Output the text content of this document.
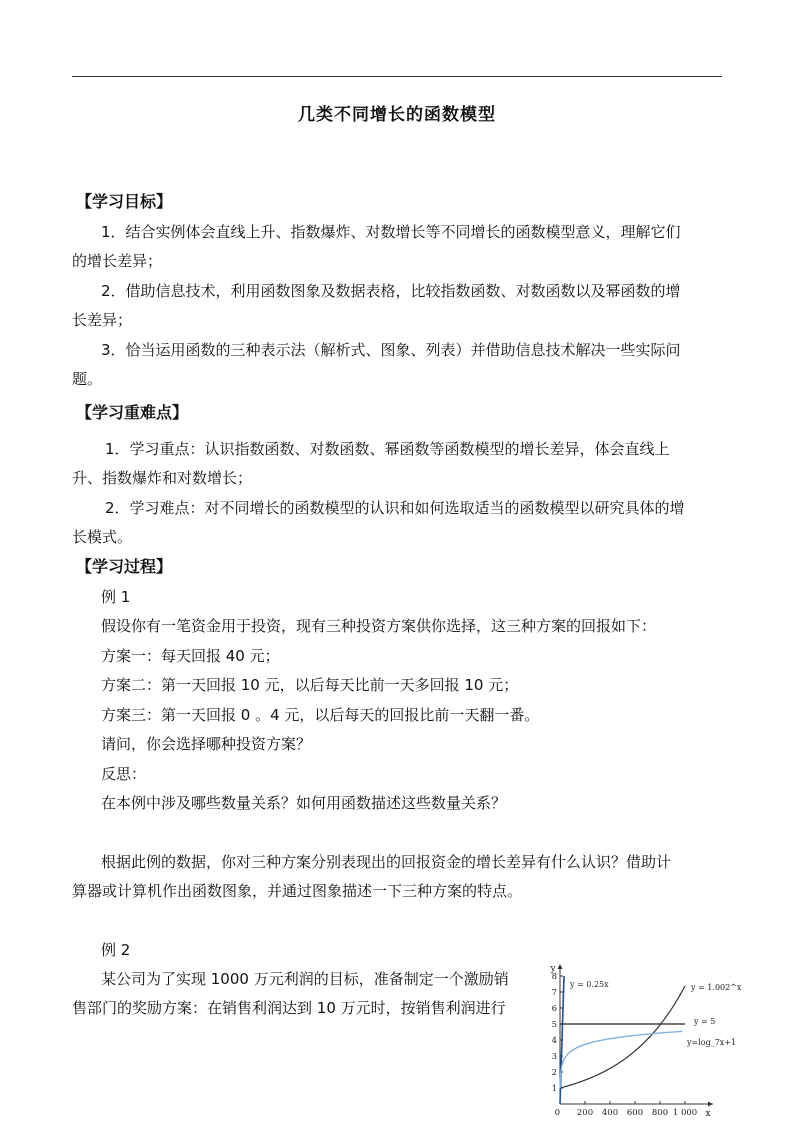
几类不同增长的函数模型
【学习目标】
1．结合实例体会直线上升、指数爆炸、对数增长等不同增长的函数模型意义，理解它们
的增长差异；
2．借助信息技术，利用函数图象及数据表格，比较指数函数、对数函数以及幂函数的增
长差异；
3．恰当运用函数的三种表示法（解析式、图象、列表）并借助信息技术解决一些实际问
题。
【学习重难点】
1．学习重点：认识指数函数、对数函数、幂函数等函数模型的增长差异，体会直线上
升、指数爆炸和对数增长；
2．学习难点：对不同增长的函数模型的认识和如何选取适当的函数模型以研究具体的增
长模式。
【学习过程】
例 1
假设你有一笔资金用于投资，现有三种投资方案供你选择，这三种方案的回报如下：
方案一：每天回报 40 元；
方案二：第一天回报 10 元，以后每天比前一天多回报 10 元；
方案三：第一天回报 0 。4 元，以后每天的回报比前一天翻一番。
请问，你会选择哪种投资方案？
反思：
在本例中涉及哪些数量关系？如何用函数描述这些数量关系？
根据此例的数据，你对三种方案分别表现出的回报资金的增长差异有什么认识？借助计
算器或计算机作出函数图象，并通过图象描述一下三种方案的特点。
例 2
某公司为了实现 1000 万元利润的目标，准备制定一个激励销
售部门的奖励方案：在销售利润达到 10 万元时，按销售利润进行
x
y
0 200 400 600 800 1 000
1
2
3
4
5
6
7
8
y = 0.25x
y = 5
y = 1.002^x
y=log_7x+1
